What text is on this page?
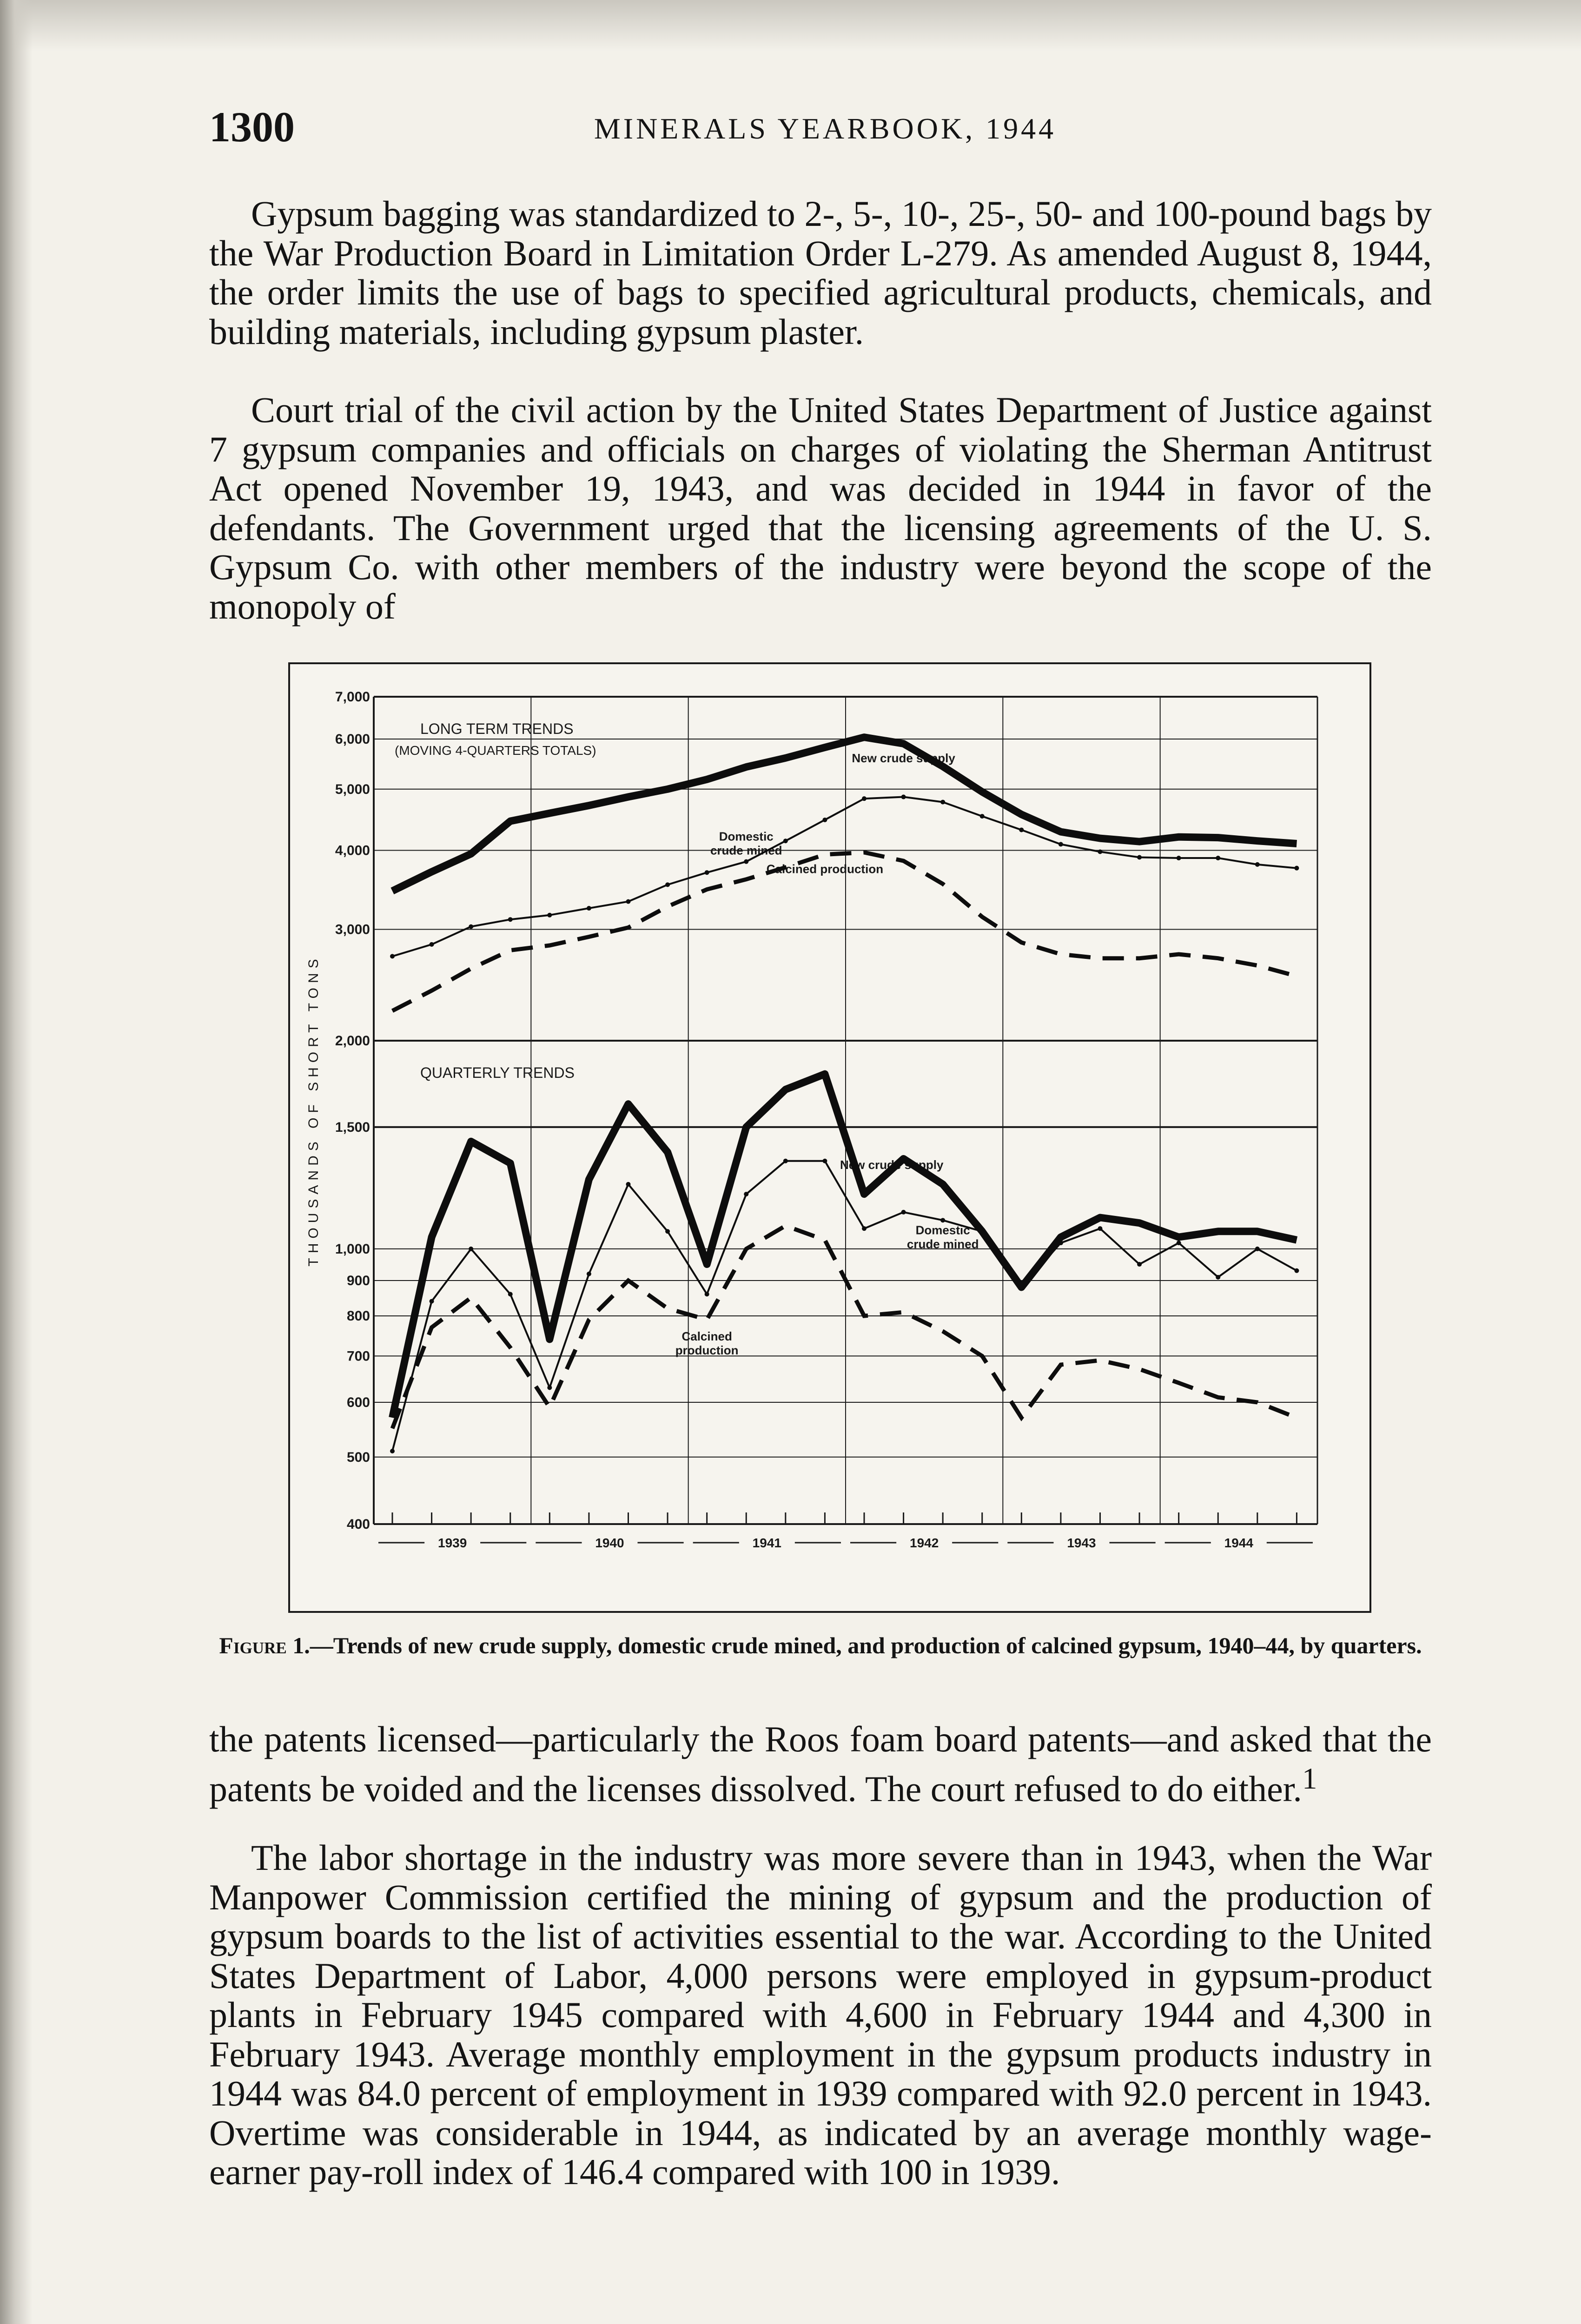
1300	MINERALS YEARBOOK, 1944

Gypsum bagging was standardized to 2-, 5-, 10-, 25-, 50- and 100-pound bags by the War Production Board in Limitation Order L-279. As amended August 8, 1944, the order limits the use of bags to specified agricultural products, chemicals, and building materials, including gypsum plaster.

Court trial of the civil action by the United States Department of Justice against 7 gypsum companies and officials on charges of violating the Sherman Antitrust Act opened November 19, 1943, and was decided in 1944 in favor of the defendants. The Government urged that the licensing agreements of the U. S. Gypsum Co. with other members of the industry were beyond the scope of the monopoly of

7,000
6,000
5,000
4,000
3,000
2,000
LONG TERM TRENDS
(MOVING 4-QUARTERS TOTALS)
New crude supply
Domestic crude mined
Calcined production
1,500
1,000
900
800
700
600
500
400
QUARTERLY TRENDS
New crude supply
Domestic crude mined
Calcined production
1939	1940	1941	1942	1943	1944
THOUSANDS OF SHORT TONS
Figure 1.—Trends of new crude supply, domestic crude mined, and production of calcined gypsum, 1940–44, by quarters.

the patents licensed—particularly the Roos foam board patents—and asked that the patents be voided and the licenses dissolved. The court refused to do either.$^1$

The labor shortage in the industry was more severe than in 1943, when the War Manpower Commission certified the mining of gypsum and the production of gypsum boards to the list of activities essential to the war. According to the United States Department of Labor, 4,000 persons were employed in gypsum-product plants in February 1945 compared with 4,600 in February 1944 and 4,300 in February 1943. Average monthly employment in the gypsum products industry in 1944 was 84.0 percent of employment in 1939 compared with 92.0 percent in 1943. Overtime was considerable in 1944, as indicated by an average monthly wage-earner pay-roll index of 146.4 compared with 100 in 1939.
